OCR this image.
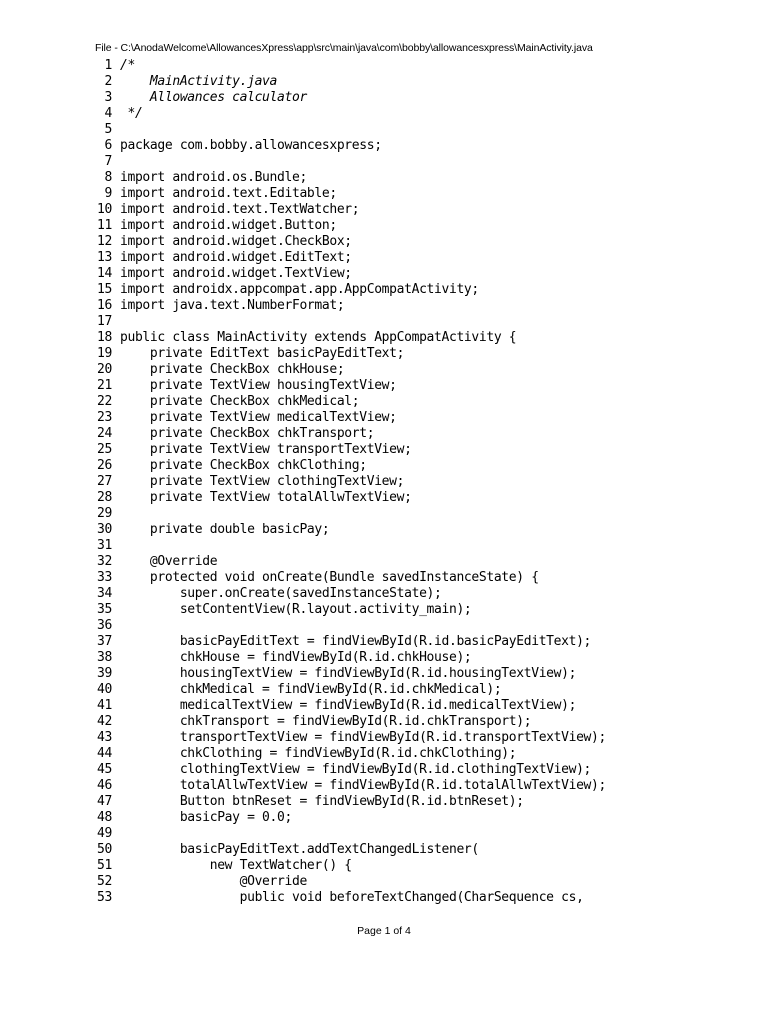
File - C:\AnodaWelcome\AllowancesXpress\app\src\main\java\com\bobby\allowancesxpress\MainActivity.java
1 /*
2    MainActivity.java
3    Allowances calculator
4 */
5
6 package com.bobby.allowancesxpress;
7
8 import android.os.Bundle;
9 import android.text.Editable;
10 import android.text.TextWatcher;
11 import android.widget.Button;
12 import android.widget.CheckBox;
13 import android.widget.EditText;
14 import android.widget.TextView;
15 import androidx.appcompat.app.AppCompatActivity;
16 import java.text.NumberFormat;
17
18 public class MainActivity extends AppCompatActivity {
19    private EditText basicPayEditText;
20    private CheckBox chkHouse;
21    private TextView housingTextView;
22    private CheckBox chkMedical;
23    private TextView medicalTextView;
24    private CheckBox chkTransport;
25    private TextView transportTextView;
26    private CheckBox chkClothing;
27    private TextView clothingTextView;
28    private TextView totalAllwTextView;
29
30    private double basicPay;
31
32    @Override
33    protected void onCreate(Bundle savedInstanceState) {
34        super.onCreate(savedInstanceState);
35        setContentView(R.layout.activity_main);
36
37        basicPayEditText = findViewById(R.id.basicPayEditText);
38        chkHouse = findViewById(R.id.chkHouse);
39        housingTextView = findViewById(R.id.housingTextView);
40        chkMedical = findViewById(R.id.chkMedical);
41        medicalTextView = findViewById(R.id.medicalTextView);
42        chkTransport = findViewById(R.id.chkTransport);
43        transportTextView = findViewById(R.id.transportTextView);
44        chkClothing = findViewById(R.id.chkClothing);
45        clothingTextView = findViewById(R.id.clothingTextView);
46        totalAllwTextView = findViewById(R.id.totalAllwTextView);
47        Button btnReset = findViewById(R.id.btnReset);
48        basicPay = 0.0;
49
50        basicPayEditText.addTextChangedListener(
51            new TextWatcher() {
52                @Override
53                public void beforeTextChanged(CharSequence cs,
Page 1 of 4
